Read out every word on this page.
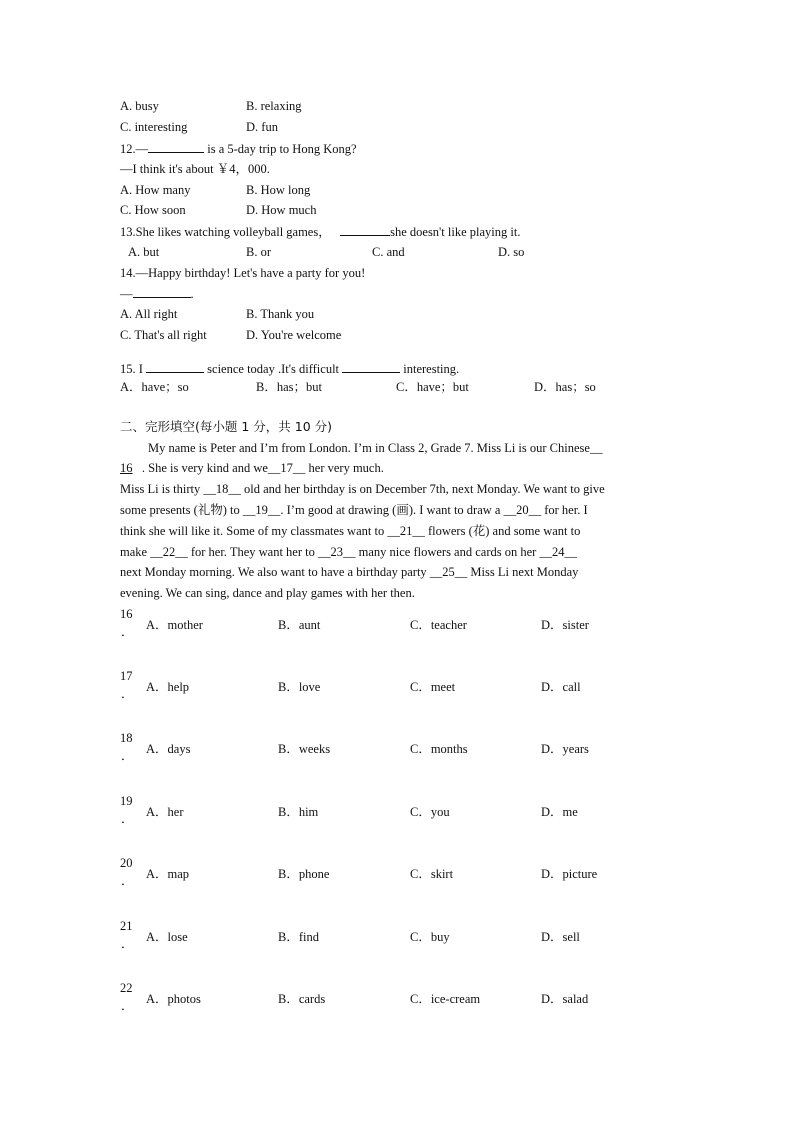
A. busy	B. relaxing
C. interesting	D. fun
12.—	is a 5-day trip to Hong Kong?
—I think it's about ￥4，000.
A. How many	B. How long
C. How soon	D. How much
13.She likes watching volleyball games，	she doesn't like playing it.
A. but	B. or	C. and	D. so
14.—Happy birthday! Let's have a party for you!
—	.
A. All right	B. Thank you
C. That's all right	D. You're welcome
15. I	science today .It's difficult	interesting.
A．have；so	B．has；but	C．have；but	D．has；so
二、完形填空(每小题 1 分，共 10 分)
My name is Peter and I’m from London. I’m in Class 2, Grade 7. Miss Li is our Chinese__
16 . She is very kind and we__17__ her very much.
Miss Li is thirty __18__ old and her birthday is on December 7th, next Monday. We want to give
some presents (礼物) to __19__. I’m good at drawing (画). I want to draw a __20__ for her. I
think she will like it. Some of my classmates want to __21__ flowers (花) and some want to
make __22__ for her. They want her to __23__ many nice flowers and cards on her __24__
next Monday morning. We also want to have a birthday party __25__ Miss Li next Monday
evening. We can sing, dance and play games with her then.
16
． A．mother	B．aunt	C．teacher	D．sister
17
． A．help	B．love	C．meet	D．call
18
． A．days	B．weeks	C．months	D．years
19
． A．her	B．him	C．you	D．me
20
． A．map	B．phone	C．skirt	D．picture
21
． A．lose	B．find	C．buy	D．sell
22
． A．photos	B．cards	C．ice-cream	D．salad
